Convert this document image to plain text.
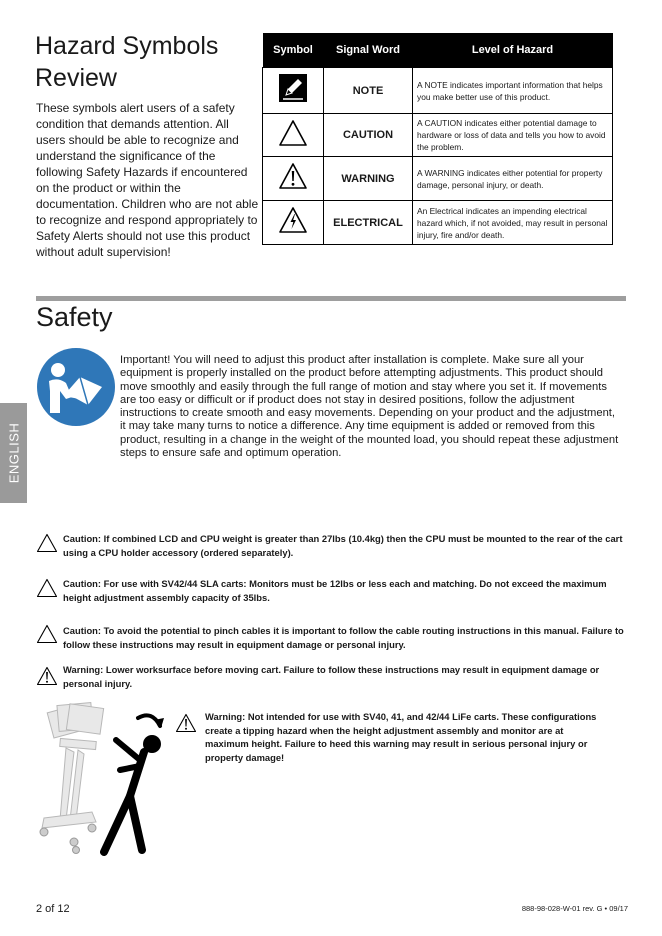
Hazard Symbols
Review
These symbols alert users of a safety condition that demands attention. All users should be able to recognize and understand the significance of the following Safety Hazards if encountered on the product or within the documentation. Children who are not able to recognize and respond appropriately to Safety Alerts should not use this product without adult supervision!
Symbol	Signal Word	Level of Hazard
	NOTE	A NOTE indicates important information that helps you make better use of this product.
	CAUTION	A CAUTION indicates either potential damage to hardware or loss of data and tells you how to avoid the problem.
	WARNING	A WARNING indicates either potential for property damage, personal injury, or death.
	ELECTRICAL	An Electrical indicates an impending electrical hazard which, if not avoided, may result in personal injury, fire and/or death.
Safety
Important! You will need to adjust this product after installation is complete. Make sure all your equipment is properly installed on the product before attempting adjustments. This product should move smoothly and easily through the full range of motion and stay where you set it. If movements are too easy or difficult or if product does not stay in desired positions, follow the adjustment instructions to create smooth and easy movements. Depending on your product and the adjustment, it may take many turns to notice a difference. Any time equipment is added or removed from this product, resulting in a change in the weight of the mounted load, you should repeat these adjustment steps to ensure safe and optimum operation.
ENGLISH
Caution: If combined LCD and CPU weight is greater than 27lbs (10.4kg) then the CPU must be mounted to the rear of the cart using a CPU holder accessory (ordered separately).
Caution: For use with SV42/44 SLA carts: Monitors must be 12lbs or less each and matching. Do not exceed the maximum height adjustment assembly capacity of 35lbs.
Caution: To avoid the potential to pinch cables it is important to follow the cable routing instructions in this manual. Failure to follow these instructions may result in equipment damage or personal injury.
Warning: Lower worksurface before moving cart. Failure to follow these instructions may result in equipment damage or personal injury.
Warning: Not intended for use with SV40, 41, and 42/44 LiFe carts. These configurations create a tipping hazard when the height adjustment assembly and monitor are at maximum height. Failure to heed this warning may result in serious personal injury or property damage!
2 of 12	888-98-028-W-01 rev. G • 09/17
